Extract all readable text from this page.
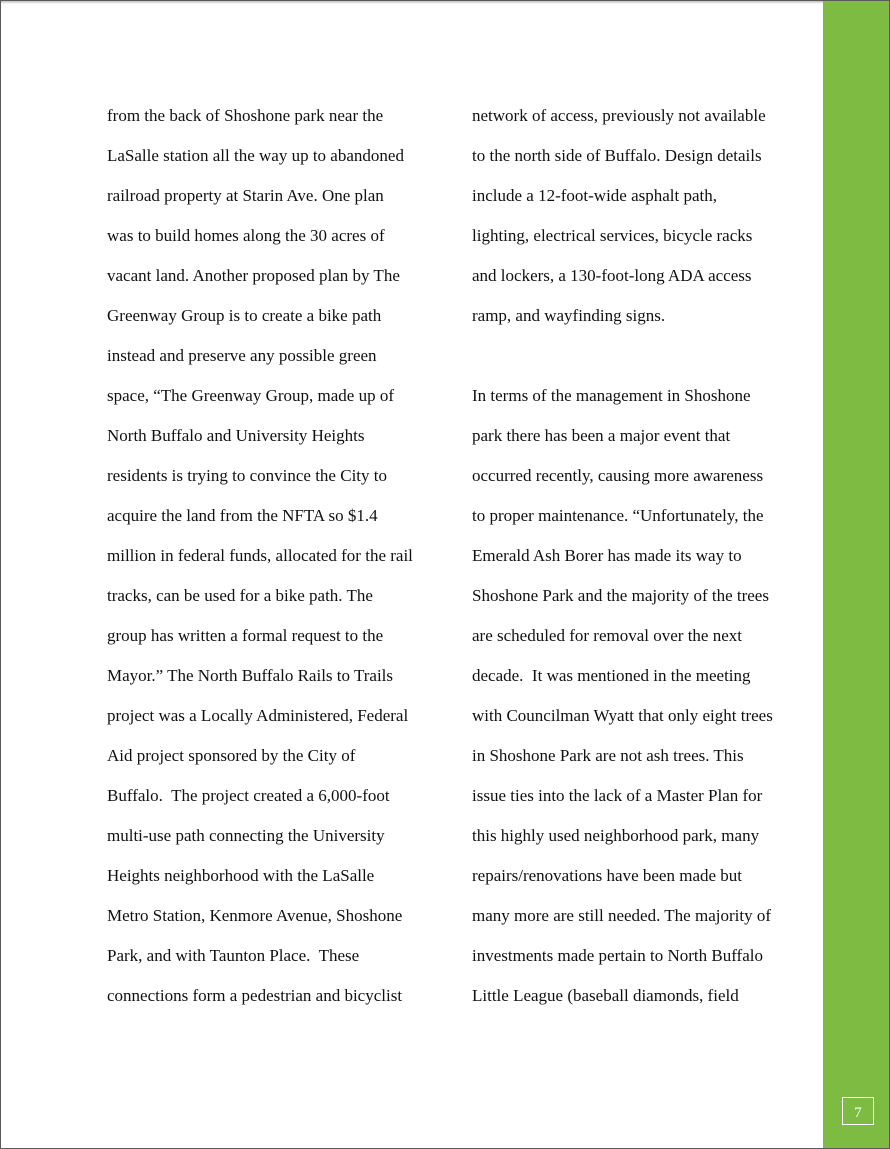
from the back of Shoshone park near the
LaSalle station all the way up to abandoned
railroad property at Starin Ave. One plan
was to build homes along the 30 acres of
vacant land. Another proposed plan by The
Greenway Group is to create a bike path
instead and preserve any possible green
space, “The Greenway Group, made up of
North Buffalo and University Heights
residents is trying to convince the City to
acquire the land from the NFTA so $1.4
million in federal funds, allocated for the rail
tracks, can be used for a bike path. The
group has written a formal request to the
Mayor.” The North Buffalo Rails to Trails
project was a Locally Administered, Federal
Aid project sponsored by the City of
Buffalo.  The project created a 6,000-foot
multi-use path connecting the University
Heights neighborhood with the LaSalle
Metro Station, Kenmore Avenue, Shoshone
Park, and with Taunton Place.  These
connections form a pedestrian and bicyclist
network of access, previously not available
to the north side of Buffalo. Design details
include a 12-foot-wide asphalt path,
lighting, electrical services, bicycle racks
and lockers, a 130-foot-long ADA access
ramp, and wayfinding signs.
In terms of the management in Shoshone
park there has been a major event that
occurred recently, causing more awareness
to proper maintenance. “Unfortunately, the
Emerald Ash Borer has made its way to
Shoshone Park and the majority of the trees
are scheduled for removal over the next
decade.  It was mentioned in the meeting
with Councilman Wyatt that only eight trees
in Shoshone Park are not ash trees. This
issue ties into the lack of a Master Plan for
this highly used neighborhood park, many
repairs/renovations have been made but
many more are still needed. The majority of
investments made pertain to North Buffalo
Little League (baseball diamonds, field
7
